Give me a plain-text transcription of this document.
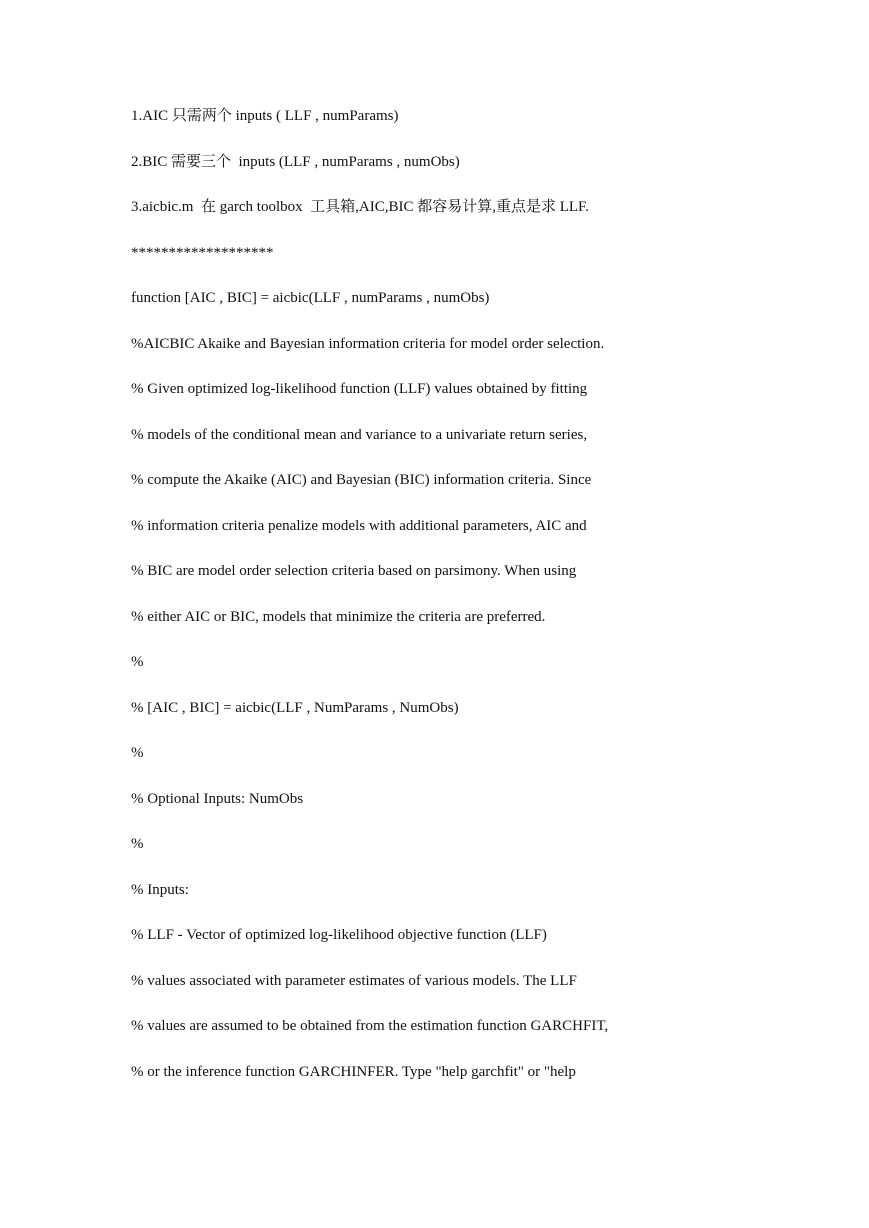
1.AIC 只需两个 inputs ( LLF , numParams)
2.BIC 需要三个  inputs (LLF , numParams , numObs)
3.aicbic.m  在 garch toolbox  工具箱,AIC,BIC 都容易计算,重点是求 LLF.
*******************
function [AIC , BIC] = aicbic(LLF , numParams , numObs)
%AICBIC Akaike and Bayesian information criteria for model order selection.
% Given optimized log-likelihood function (LLF) values obtained by fitting
% models of the conditional mean and variance to a univariate return series,
% compute the Akaike (AIC) and Bayesian (BIC) information criteria. Since
% information criteria penalize models with additional parameters, AIC and
% BIC are model order selection criteria based on parsimony. When using
% either AIC or BIC, models that minimize the criteria are preferred.
%
% [AIC , BIC] = aicbic(LLF , NumParams , NumObs)
%
% Optional Inputs: NumObs
%
% Inputs:
% LLF - Vector of optimized log-likelihood objective function (LLF)
% values associated with parameter estimates of various models. The LLF
% values are assumed to be obtained from the estimation function GARCHFIT,
% or the inference function GARCHINFER. Type "help garchfit" or "help
